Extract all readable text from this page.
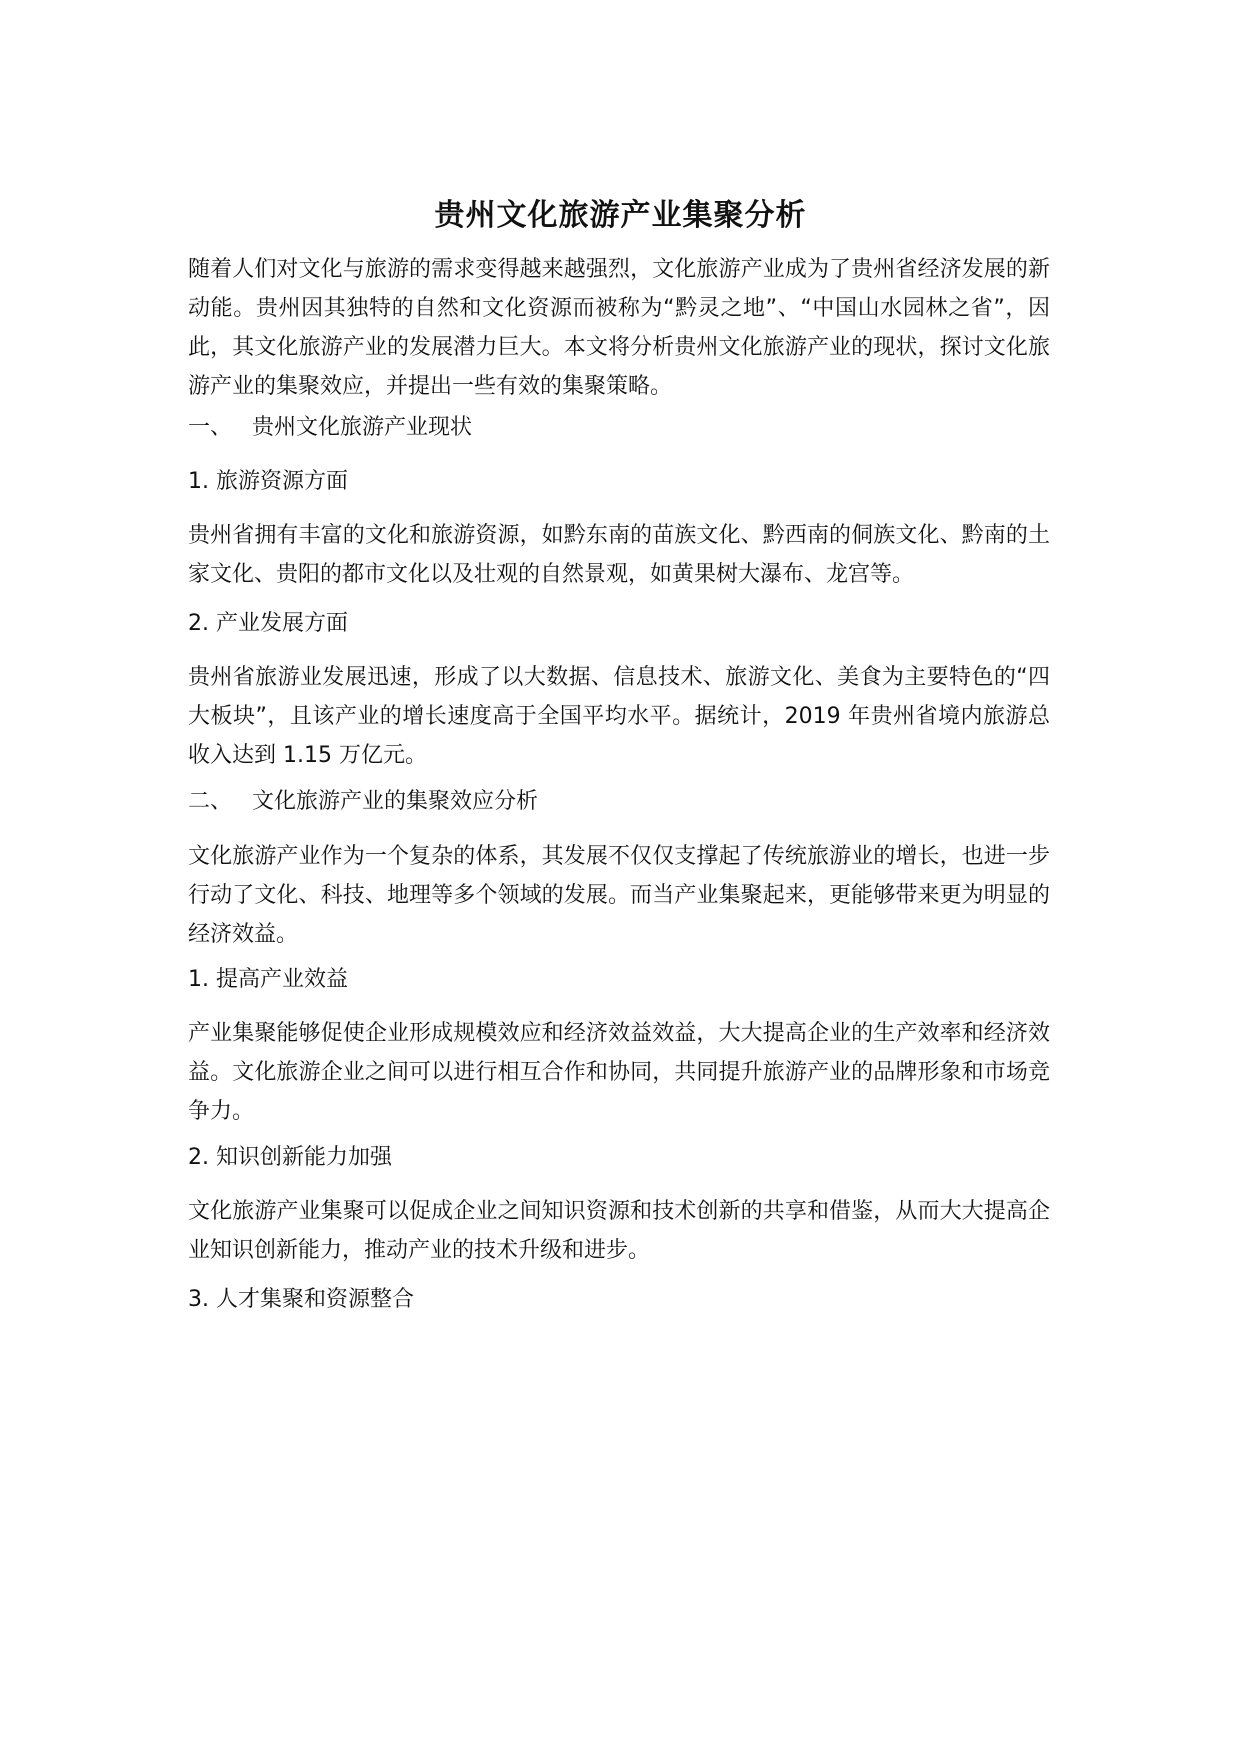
贵州文化旅游产业集聚分析

随着人们对文化与旅游的需求变得越来越强烈，文化旅游产业成为了贵州省经济发展的新动能。贵州因其独特的自然和文化资源而被称为“黔灵之地”、“中国山水园林之省”，因此，其文化旅游产业的发展潜力巨大。本文将分析贵州文化旅游产业的现状，探讨文化旅游产业的集聚效应，并提出一些有效的集聚策略。

一、 贵州文化旅游产业现状
1. 旅游资源方面

贵州省拥有丰富的文化和旅游资源，如黔东南的苗族文化、黔西南的侗族文化、黔南的土家文化、贵阳的都市文化以及壮观的自然景观，如黄果树大瀑布、龙宫等。

2. 产业发展方面

贵州省旅游业发展迅速，形成了以大数据、信息技术、旅游文化、美食为主要特色的“四大板块”，且该产业的增长速度高于全国平均水平。据统计，2019 年贵州省境内旅游总收入达到 1.15 万亿元。

二、 文化旅游产业的集聚效应分析

文化旅游产业作为一个复杂的体系，其发展不仅仅支撑起了传统旅游业的增长，也进一步行动了文化、科技、地理等多个领域的发展。而当产业集聚起来，更能够带来更为明显的经济效益。

1. 提高产业效益

产业集聚能够促使企业形成规模效应和经济效益效益，大大提高企业的生产效率和经济效益。文化旅游企业之间可以进行相互合作和协同，共同提升旅游产业的品牌形象和市场竞争力。

2. 知识创新能力加强

文化旅游产业集聚可以促成企业之间知识资源和技术创新的共享和借鉴，从而大大提高企业知识创新能力，推动产业的技术升级和进步。

3. 人才集聚和资源整合
